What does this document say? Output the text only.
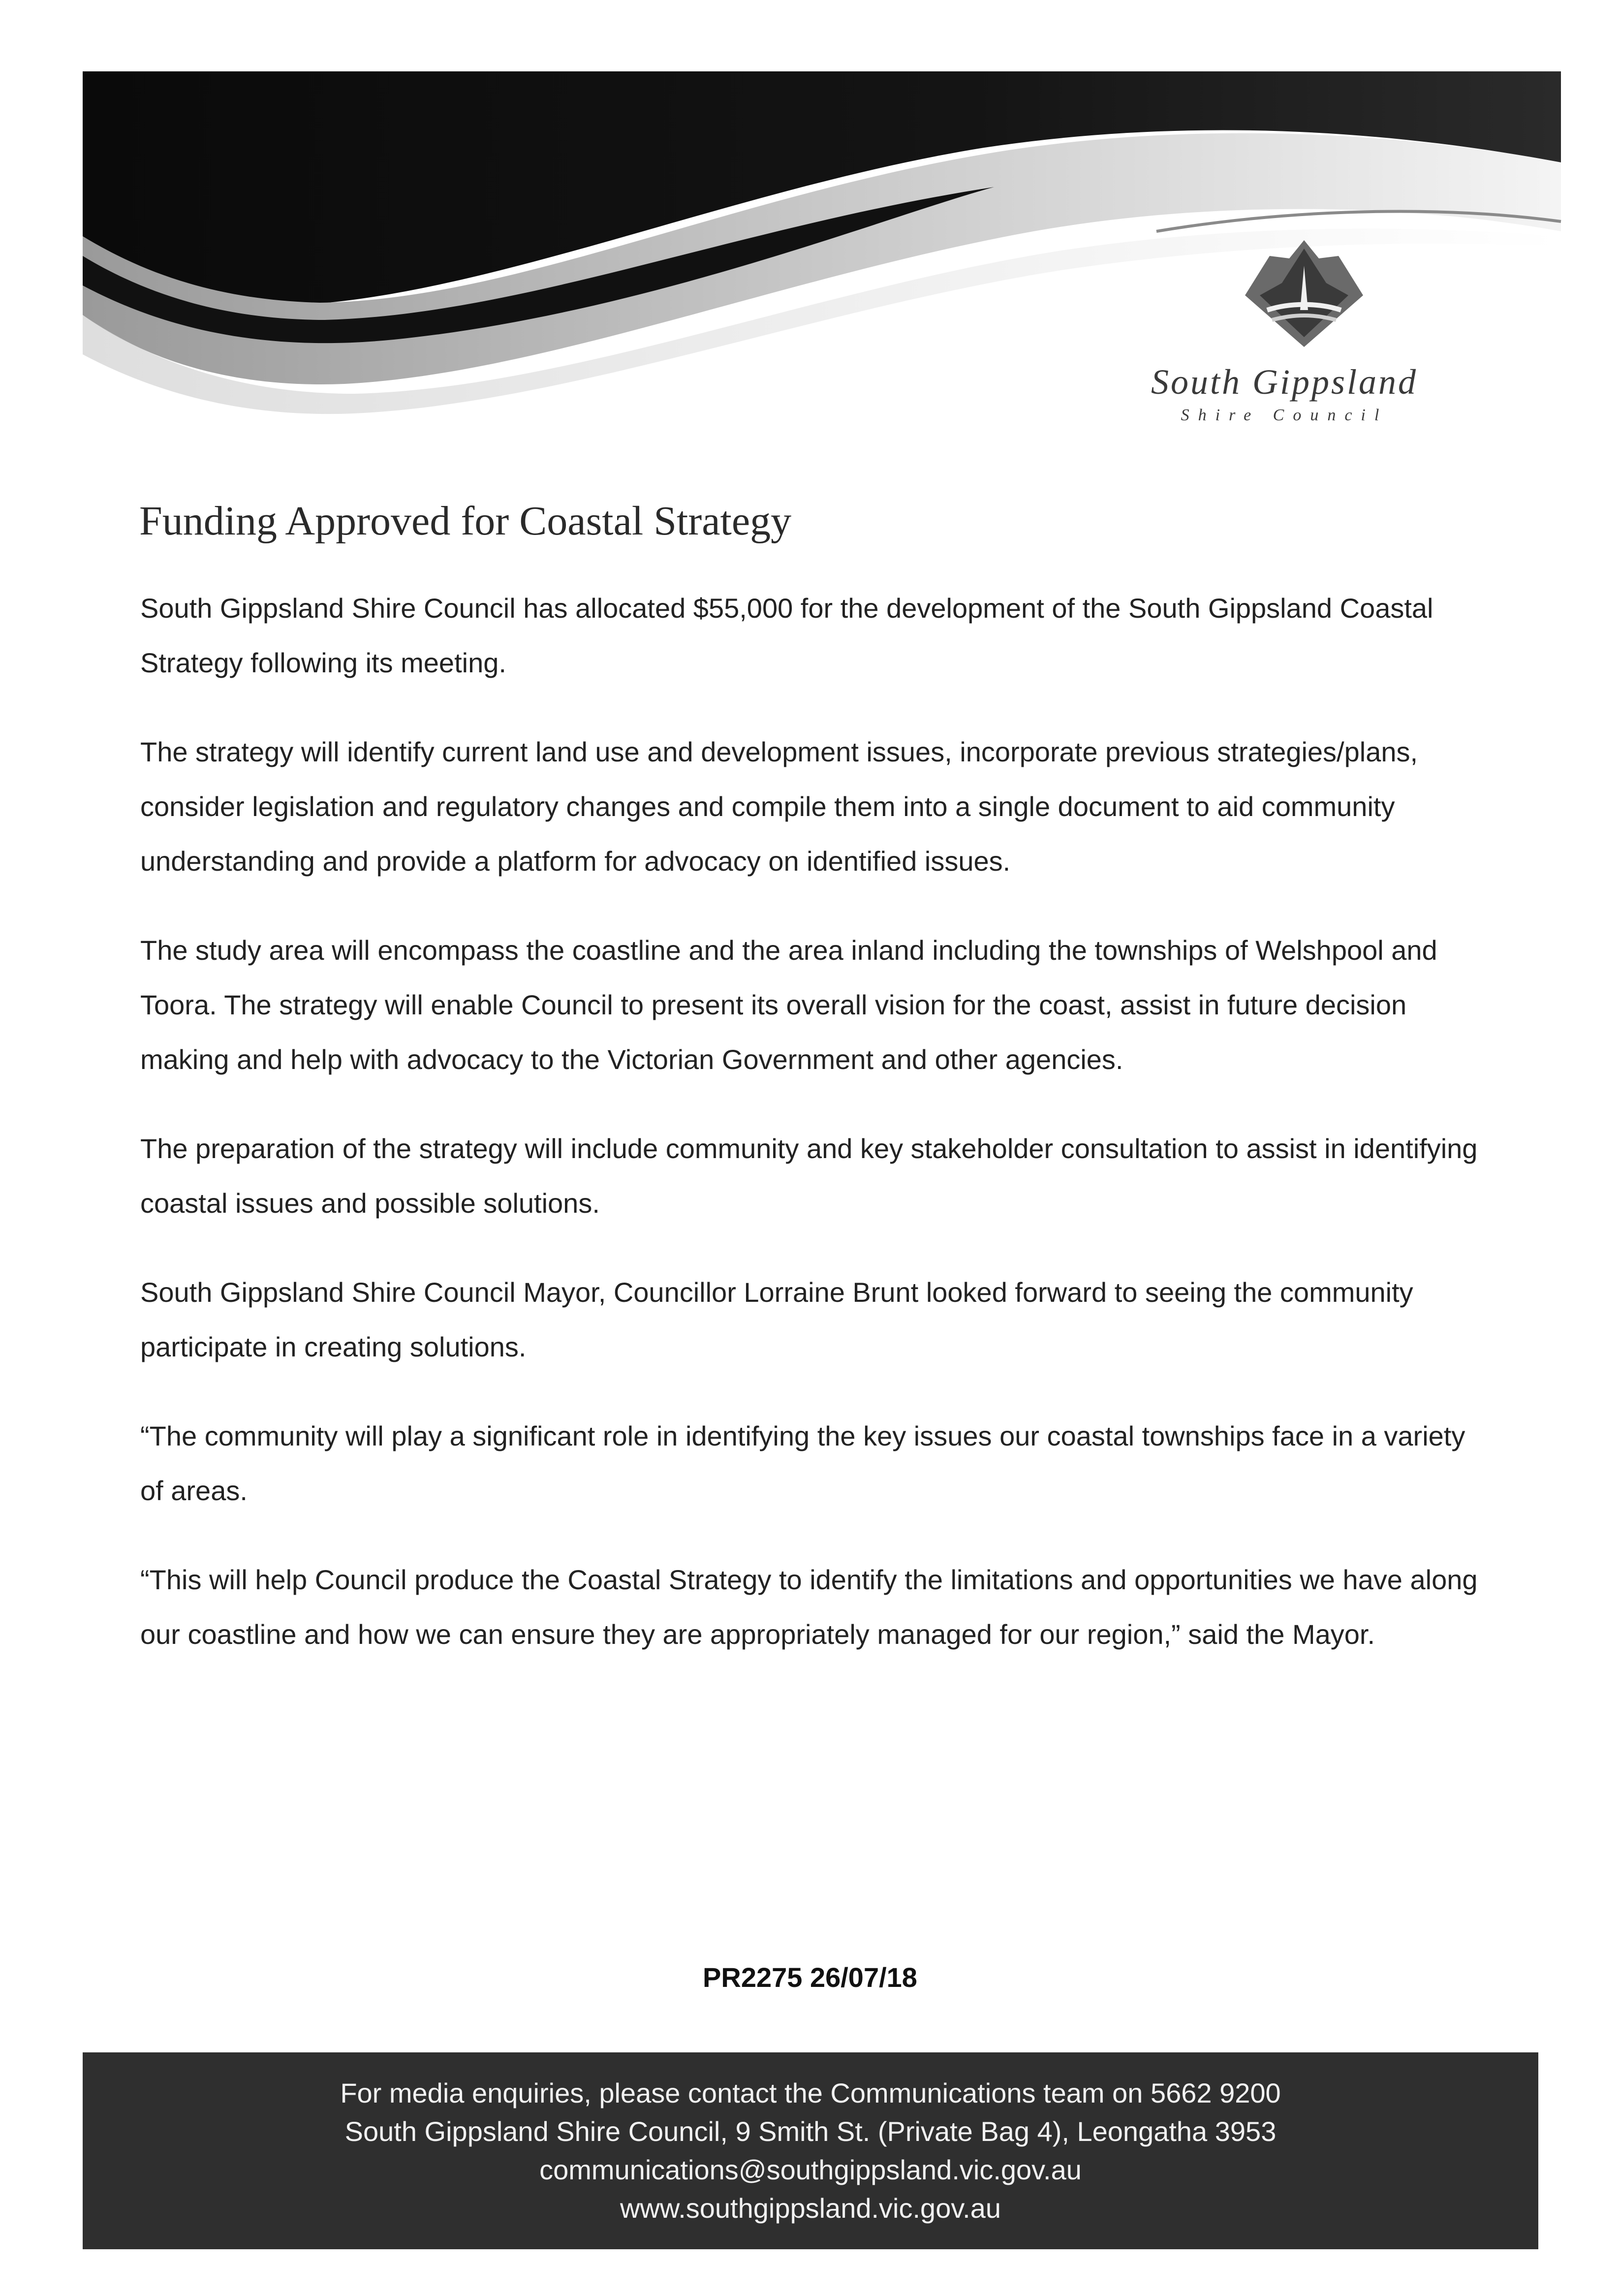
South Gippsland
Shire Council
Funding Approved for Coastal Strategy

South Gippsland Shire Council has allocated $55,000 for the development of the South Gippsland Coastal Strategy following its meeting.

The strategy will identify current land use and development issues, incorporate previous strategies/plans, consider legislation and regulatory changes and compile them into a single document to aid community understanding and provide a platform for advocacy on identified issues.

The study area will encompass the coastline and the area inland including the townships of Welshpool and Toora. The strategy will enable Council to present its overall vision for the coast, assist in future decision making and help with advocacy to the Victorian Government and other agencies.

The preparation of the strategy will include community and key stakeholder consultation to assist in identifying coastal issues and possible solutions.

South Gippsland Shire Council Mayor, Councillor Lorraine Brunt looked forward to seeing the community participate in creating solutions.

“The community will play a significant role in identifying the key issues our coastal townships face in a variety of areas.

“This will help Council produce the Coastal Strategy to identify the limitations and opportunities we have along our coastline and how we can ensure they are appropriately managed for our region,” said the Mayor.

PR2275 26/07/18
For media enquiries, please contact the Communications team on 5662 9200
South Gippsland Shire Council, 9 Smith St. (Private Bag 4), Leongatha 3953
communications@southgippsland.vic.gov.au
www.southgippsland.vic.gov.au
